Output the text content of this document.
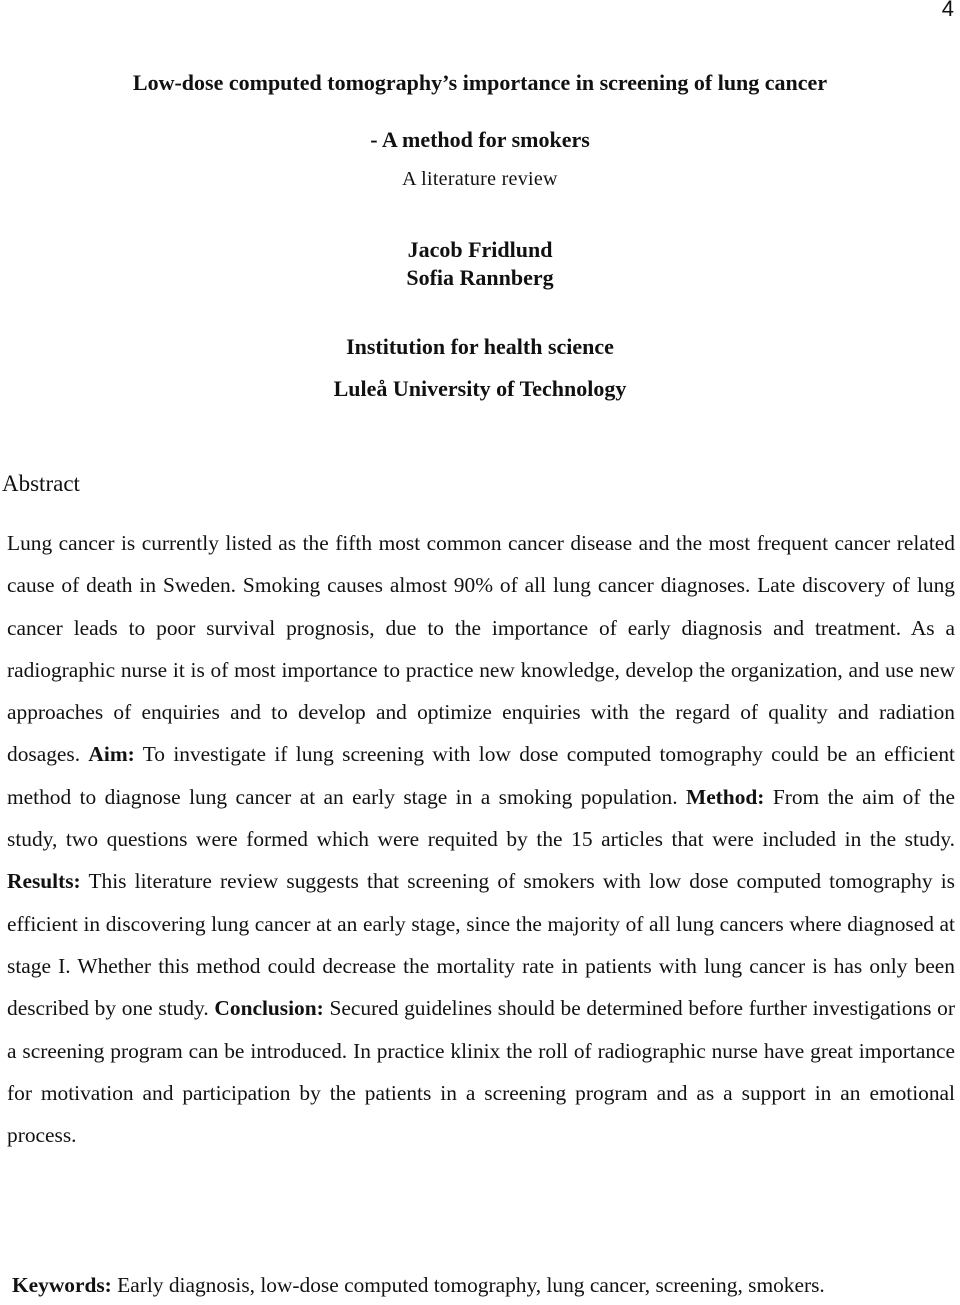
4
Low-dose computed tomography’s importance in screening of lung cancer
- A method for smokers
A literature review
Jacob Fridlund
Sofia Rannberg
Institution for health science
Luleå University of Technology
Abstract

Lung cancer is currently listed as the fifth most common cancer disease and the most frequent cancer related cause of death in Sweden. Smoking causes almost 90% of all lung cancer diagnoses. Late discovery of lung cancer leads to poor survival prognosis, due to the importance of early diagnosis and treatment. As a radiographic nurse it is of most importance to practice new knowledge, develop the organization, and use new approaches of enquiries and to develop and optimize enquiries with the regard of quality and radiation dosages. Aim: To investigate if lung screening with low dose computed tomography could be an efficient method to diagnose lung cancer at an early stage in a smoking population. Method: From the aim of the study, two questions were formed which were requited by the 15 articles that were included in the study. Results: This literature review suggests that screening of smokers with low dose computed tomography is efficient in discovering lung cancer at an early stage, since the majority of all lung cancers where diagnosed at stage I. Whether this method could decrease the mortality rate in patients with lung cancer is has only been described by one study. Conclusion: Secured guidelines should be determined before further investigations or a screening program can be introduced. In practice klinix the roll of radiographic nurse have great importance for motivation and participation by the patients in a screening program and as a support in an emotional process.

Keywords: Early diagnosis, low-dose computed tomography, lung cancer, screening, smokers.
